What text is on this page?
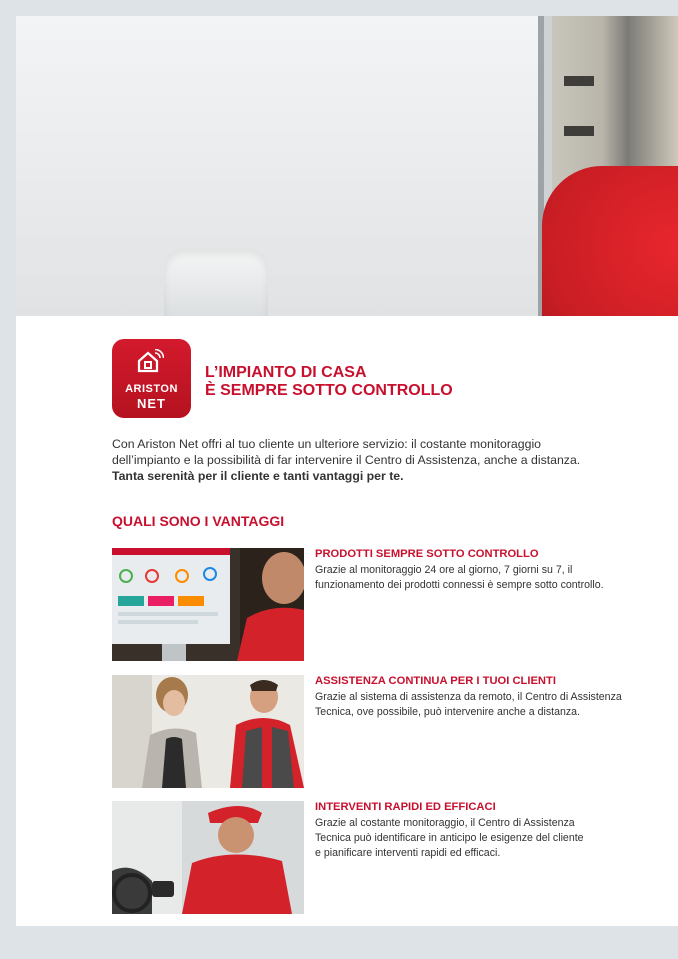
ARISTON
NET
L’IMPIANTO DI CASA
È SEMPRE SOTTO CONTROLLO
Con Ariston Net offri al tuo cliente un ulteriore servizio: il costante monitoraggio
dell’impianto e la possibilità di far intervenire il Centro di Assistenza, anche a distanza.
Tanta serenità per il cliente e tanti vantaggi per te.
QUALI SONO I VANTAGGI
PRODOTTI SEMPRE SOTTO CONTROLLO
Grazie al monitoraggio 24 ore al giorno, 7 giorni su 7, il
funzionamento dei prodotti connessi è sempre sotto controllo.
ASSISTENZA CONTINUA PER I TUOI CLIENTI
Grazie al sistema di assistenza da remoto, il Centro di Assistenza
Tecnica, ove possibile, può intervenire anche a distanza.
INTERVENTI RAPIDI ED EFFICACI
Grazie al costante monitoraggio, il Centro di Assistenza
Tecnica può identificare in anticipo le esigenze del cliente
e pianificare interventi rapidi ed efficaci.
